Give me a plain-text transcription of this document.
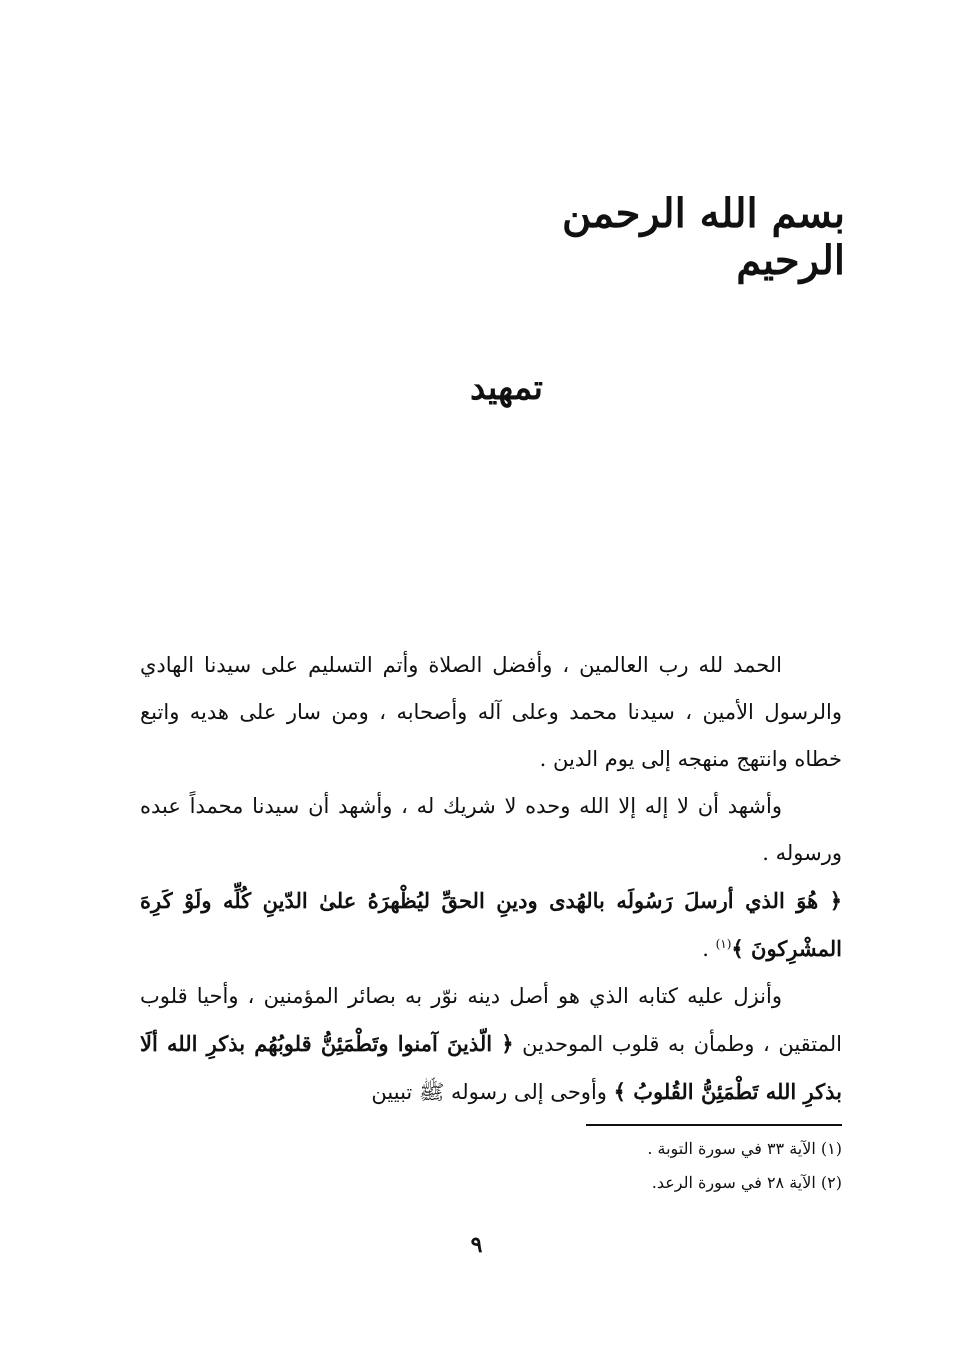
بسم الله الرحمن الرحيم
تمهيد

الحمد لله رب العالمين ، وأفضل الصلاة وأتم التسليم على سيدنا الهادي والرسول الأمين ، سيدنا محمد وعلى آله وأصحابه ، ومن سار على هديه واتبع خطاه وانتهج منهجه إلى يوم الدين .

وأشهد أن لا إله إلا الله وحده لا شريك له ، وأشهد أن سيدنا محمداً عبده ورسوله .

﴿ هُوَ الذي أرسلَ رَسُولَه بالهُدى ودينِ الحقِّ ليُظْهرَهُ علىٰ الدّينِ كُلِّه ولَوْ كَرِهَ المشْرِكونَ ﴾$^{(١)}$ .

وأنزل عليه كتابه الذي هو أصل دينه نوّر به بصائر المؤمنين ، وأحيا قلوب المتقين ، وطمأن به قلوب الموحدين ﴿ الّذينَ آمنوا وتَطْمَئِنُّ قلوبُهُم بذكرِ الله ألَا بذكرِ الله تَطْمَئِنُّ القُلوبُ ﴾ وأوحى إلى رسوله ﷺ تبيين

(١) الآية ٣٣ في سورة التوبة .

(٢) الآية ٢٨ في سورة الرعد.

٩
